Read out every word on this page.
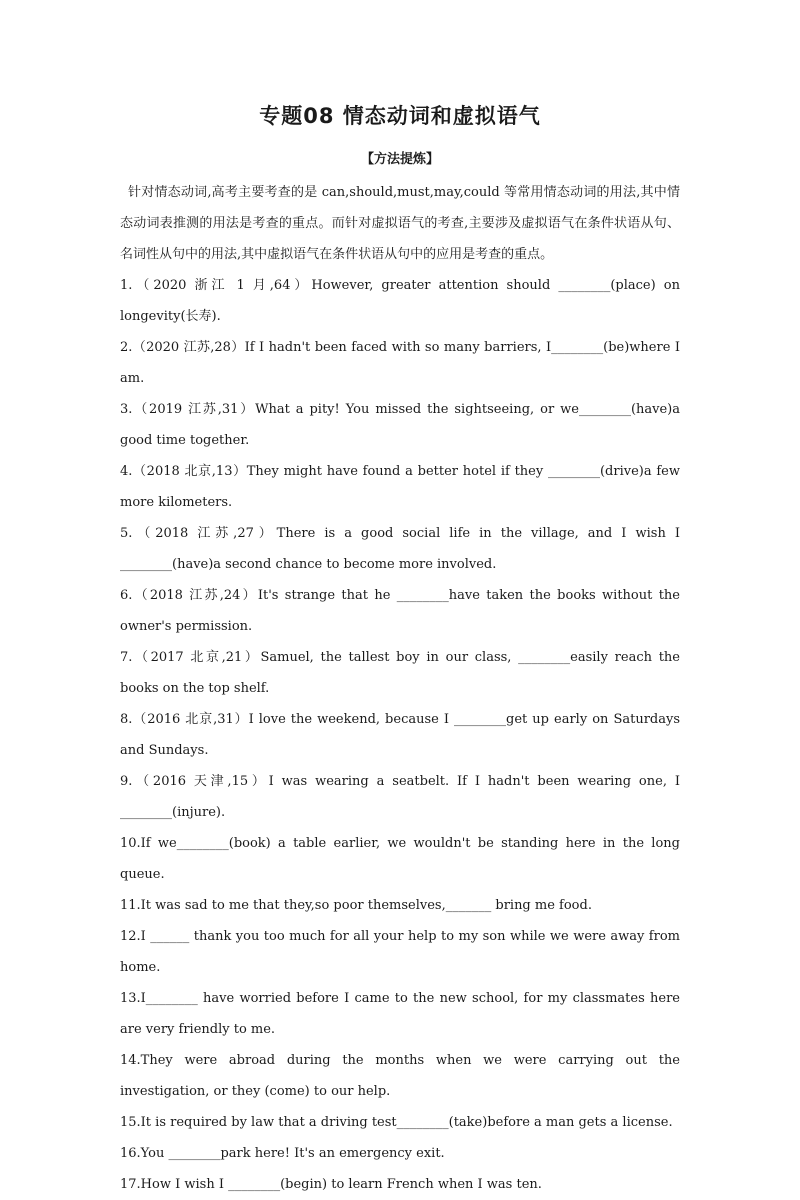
专题08 情态动词和虚拟语气
【方法提炼】

针对情态动词,高考主要考查的是 can,should,must,may,could 等常用情态动词的用法,其中情态动词表推测的用法是考查的重点。而针对虚拟语气的考查,主要涉及虚拟语气在条件状语从句、名词性从句中的用法,其中虚拟语气在条件状语从句中的应用是考查的重点。

1.（2020 浙江 1 月,64）However, greater attention should ________(place) on longevity(长寿).

2.（2020 江苏,28）If I hadn't been faced with so many barriers, I________(be)where I am.

3.（2019 江苏,31）What a pity! You missed the sightseeing, or we________(have)a good time together.

4.（2018 北京,13）They might have found a better hotel if they ________(drive)a few more kilometers.

5.（2018 江苏,27）There is a good social life in the village, and I wish I ________(have)a second chance to become more involved.

6.（2018 江苏,24）It's strange that he ________have taken the books without the owner's permission.

7.（2017 北京,21）Samuel, the tallest boy in our class, ________easily reach the books on the top shelf.

8.（2016 北京,31）I love the weekend, because I ________get up early on Saturdays and Sundays.

9.（2016 天津,15）I was wearing a seatbelt. If I hadn't been wearing one, I ________(injure).

10.If we________(book) a table earlier, we wouldn't be standing here in the long queue.

11.It was sad to me that they,so poor themselves,_______ bring me food.

12.I ______ thank you too much for all your help to my son while we were away from home.

13.I________ have worried before I came to the new school, for my classmates here are very friendly to me.

14.They were abroad during the months when we were carrying out the investigation, or they (come) to our help.

15.It is required by law that a driving test________(take)before a man gets a license.

16.You ________park here! It's an emergency exit.

17.How I wish I ________(begin) to learn French when I was ten.
